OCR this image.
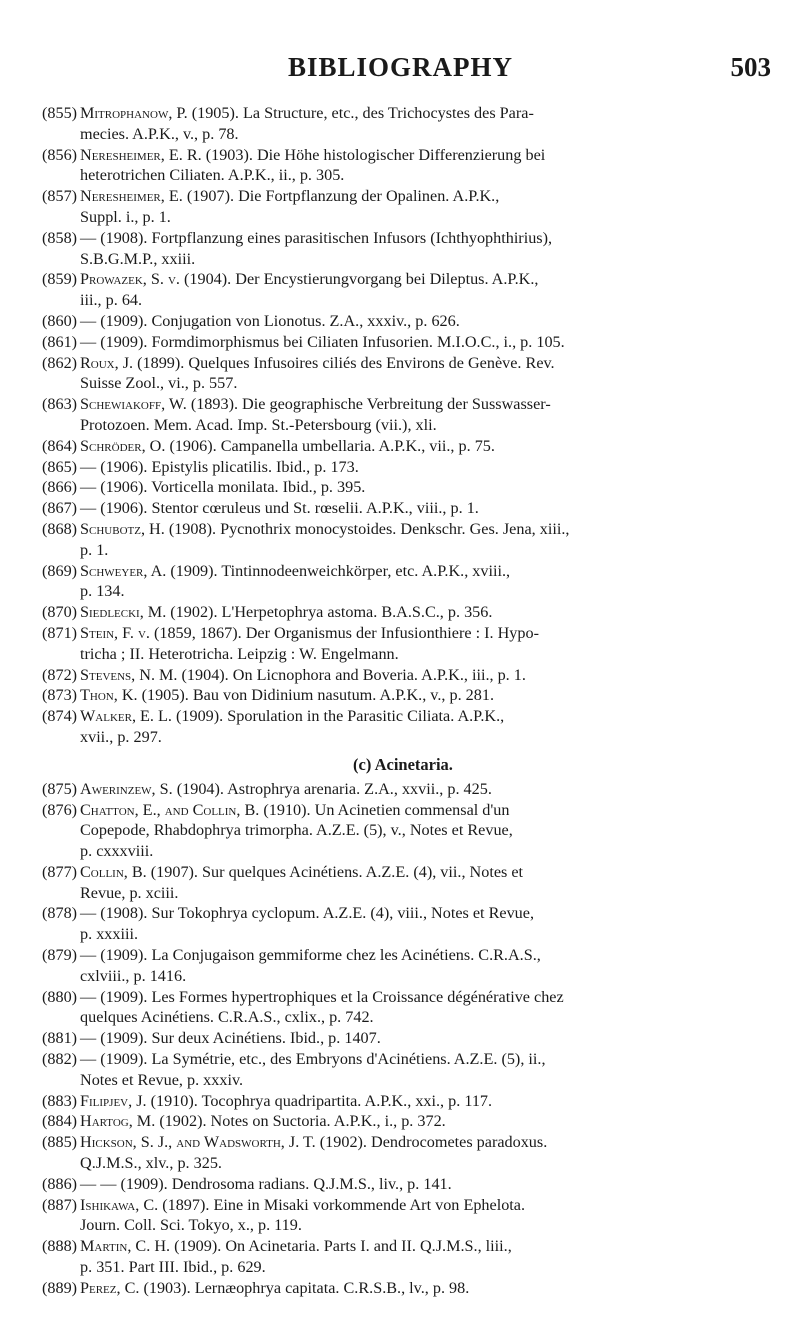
BIBLIOGRAPHY	503
(855) Mitrophanow, P. (1905). La Structure, etc., des Trichocystes des Para-
mecies. A.P.K., v., p. 78.
(856) Neresheimer, E. R. (1903). Die Höhe histologischer Differenzierung bei
heterotrichen Ciliaten. A.P.K., ii., p. 305.
(857) Neresheimer, E. (1907). Die Fortpflanzung der Opalinen. A.P.K.,
Suppl. i., p. 1.
(858) — (1908). Fortpflanzung eines parasitischen Infusors (Ichthyophthirius),
S.B.G.M.P., xxiii.
(859) Prowazek, S. v. (1904). Der Encystierungvorgang bei Dileptus. A.P.K.,
iii., p. 64.
(860) — (1909). Conjugation von Lionotus. Z.A., xxxiv., p. 626.
(861) — (1909). Formdimorphismus bei Ciliaten Infusorien. M.I.O.C., i., p. 105.
(862) Roux, J. (1899). Quelques Infusoires ciliés des Environs de Genève. Rev.
Suisse Zool., vi., p. 557.
(863) Schewiakoff, W. (1893). Die geographische Verbreitung der Susswasser-
Protozoen. Mem. Acad. Imp. St.-Petersbourg (vii.), xli.
(864) Schröder, O. (1906). Campanella umbellaria. A.P.K., vii., p. 75.
(865) — (1906). Epistylis plicatilis. Ibid., p. 173.
(866) — (1906). Vorticella monilata. Ibid., p. 395.
(867) — (1906). Stentor cœruleus und St. rœselii. A.P.K., viii., p. 1.
(868) Schubotz, H. (1908). Pycnothrix monocystoides. Denkschr. Ges. Jena, xiii.,
p. 1.
(869) Schweyer, A. (1909). Tintinnodeenweichkörper, etc. A.P.K., xviii.,
p. 134.
(870) Siedlecki, M. (1902). L'Herpetophrya astoma. B.A.S.C., p. 356.
(871) Stein, F. v. (1859, 1867). Der Organismus der Infusionthiere : I. Hypo-
tricha ; II. Heterotricha. Leipzig : W. Engelmann.
(872) Stevens, N. M. (1904). On Licnophora and Boveria. A.P.K., iii., p. 1.
(873) Thon, K. (1905). Bau von Didinium nasutum. A.P.K., v., p. 281.
(874) Walker, E. L. (1909). Sporulation in the Parasitic Ciliata. A.P.K.,
xvii., p. 297.
(c) Acinetaria.
(875) Awerinzew, S. (1904). Astrophrya arenaria. Z.A., xxvii., p. 425.
(876) Chatton, E., and Collin, B. (1910). Un Acinetien commensal d'un
Copepode, Rhabdophrya trimorpha. A.Z.E. (5), v., Notes et Revue,
p. cxxxviii.
(877) Collin, B. (1907). Sur quelques Acinétiens. A.Z.E. (4), vii., Notes et
Revue, p. xciii.
(878) — (1908). Sur Tokophrya cyclopum. A.Z.E. (4), viii., Notes et Revue,
p. xxxiii.
(879) — (1909). La Conjugaison gemmiforme chez les Acinétiens. C.R.A.S.,
cxlviii., p. 1416.
(880) — (1909). Les Formes hypertrophiques et la Croissance dégénérative chez
quelques Acinétiens. C.R.A.S., cxlix., p. 742.
(881) — (1909). Sur deux Acinétiens. Ibid., p. 1407.
(882) — (1909). La Symétrie, etc., des Embryons d'Acinétiens. A.Z.E. (5), ii.,
Notes et Revue, p. xxxiv.
(883) Filipjev, J. (1910). Tocophrya quadripartita. A.P.K., xxi., p. 117.
(884) Hartog, M. (1902). Notes on Suctoria. A.P.K., i., p. 372.
(885) Hickson, S. J., and Wadsworth, J. T. (1902). Dendrocometes paradoxus.
Q.J.M.S., xlv., p. 325.
(886) — — (1909). Dendrosoma radians. Q.J.M.S., liv., p. 141.
(887) Ishikawa, C. (1897). Eine in Misaki vorkommende Art von Ephelota.
Journ. Coll. Sci. Tokyo, x., p. 119.
(888) Martin, C. H. (1909). On Acinetaria. Parts I. and II. Q.J.M.S., liii.,
p. 351. Part III. Ibid., p. 629.
(889) Perez, C. (1903). Lernæophrya capitata. C.R.S.B., lv., p. 98.
